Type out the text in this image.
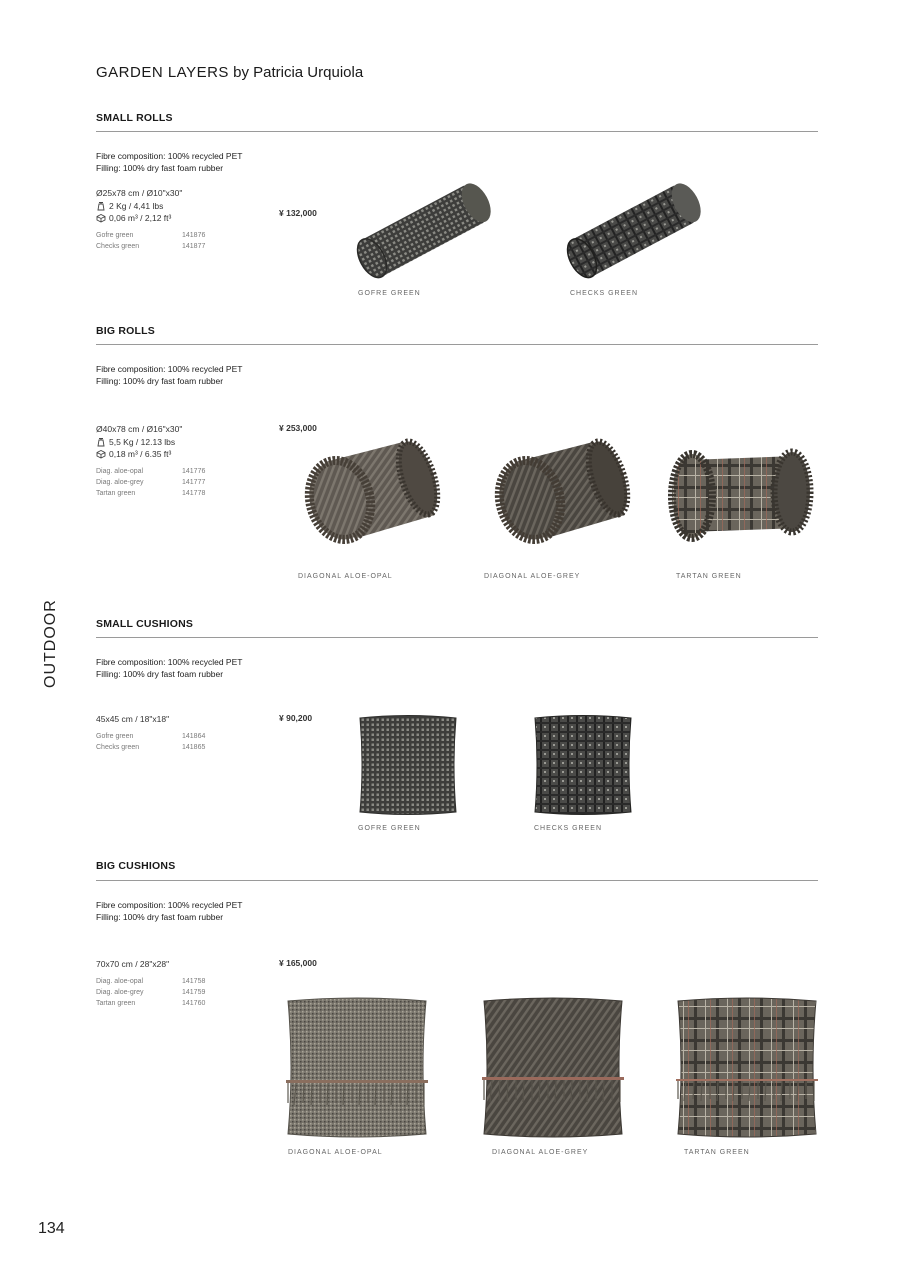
GARDEN LAYERS by Patricia Urquiola
OUTDOOR
134
SMALL ROLLS
Fibre composition: 100% recycled PET
Filling: 100% dry fast foam rubber
Ø25x78 cm / Ø10"x30"
2 Kg / 4,41 lbs
0,06 m³ / 2,12 ft³
Gofre green	141876
Checks green	141877
¥ 132,000
GOFRE GREEN	CHECKS GREEN
BIG ROLLS
Fibre composition: 100% recycled PET
Filling: 100% dry fast foam rubber
Ø40x78 cm / Ø16"x30"
5,5 Kg / 12.13 lbs
0,18 m³ / 6.35 ft³
Diag. aloe-opal	141776
Diag. aloe-grey	141777
Tartan green	141778
¥ 253,000
DIAGONAL ALOE-OPAL	DIAGONAL ALOE-GREY	TARTAN GREEN
SMALL CUSHIONS
Fibre composition: 100% recycled PET
Filling: 100% dry fast foam rubber
45x45 cm / 18"x18"
Gofre green	141864
Checks green	141865
¥ 90,200
GOFRE GREEN	CHECKS GREEN
BIG CUSHIONS
Fibre composition: 100% recycled PET
Filling: 100% dry fast foam rubber
70x70 cm / 28"x28"
Diag. aloe-opal	141758
Diag. aloe-grey	141759
Tartan green	141760
¥ 165,000
DIAGONAL ALOE-OPAL	DIAGONAL ALOE-GREY	TARTAN GREEN
